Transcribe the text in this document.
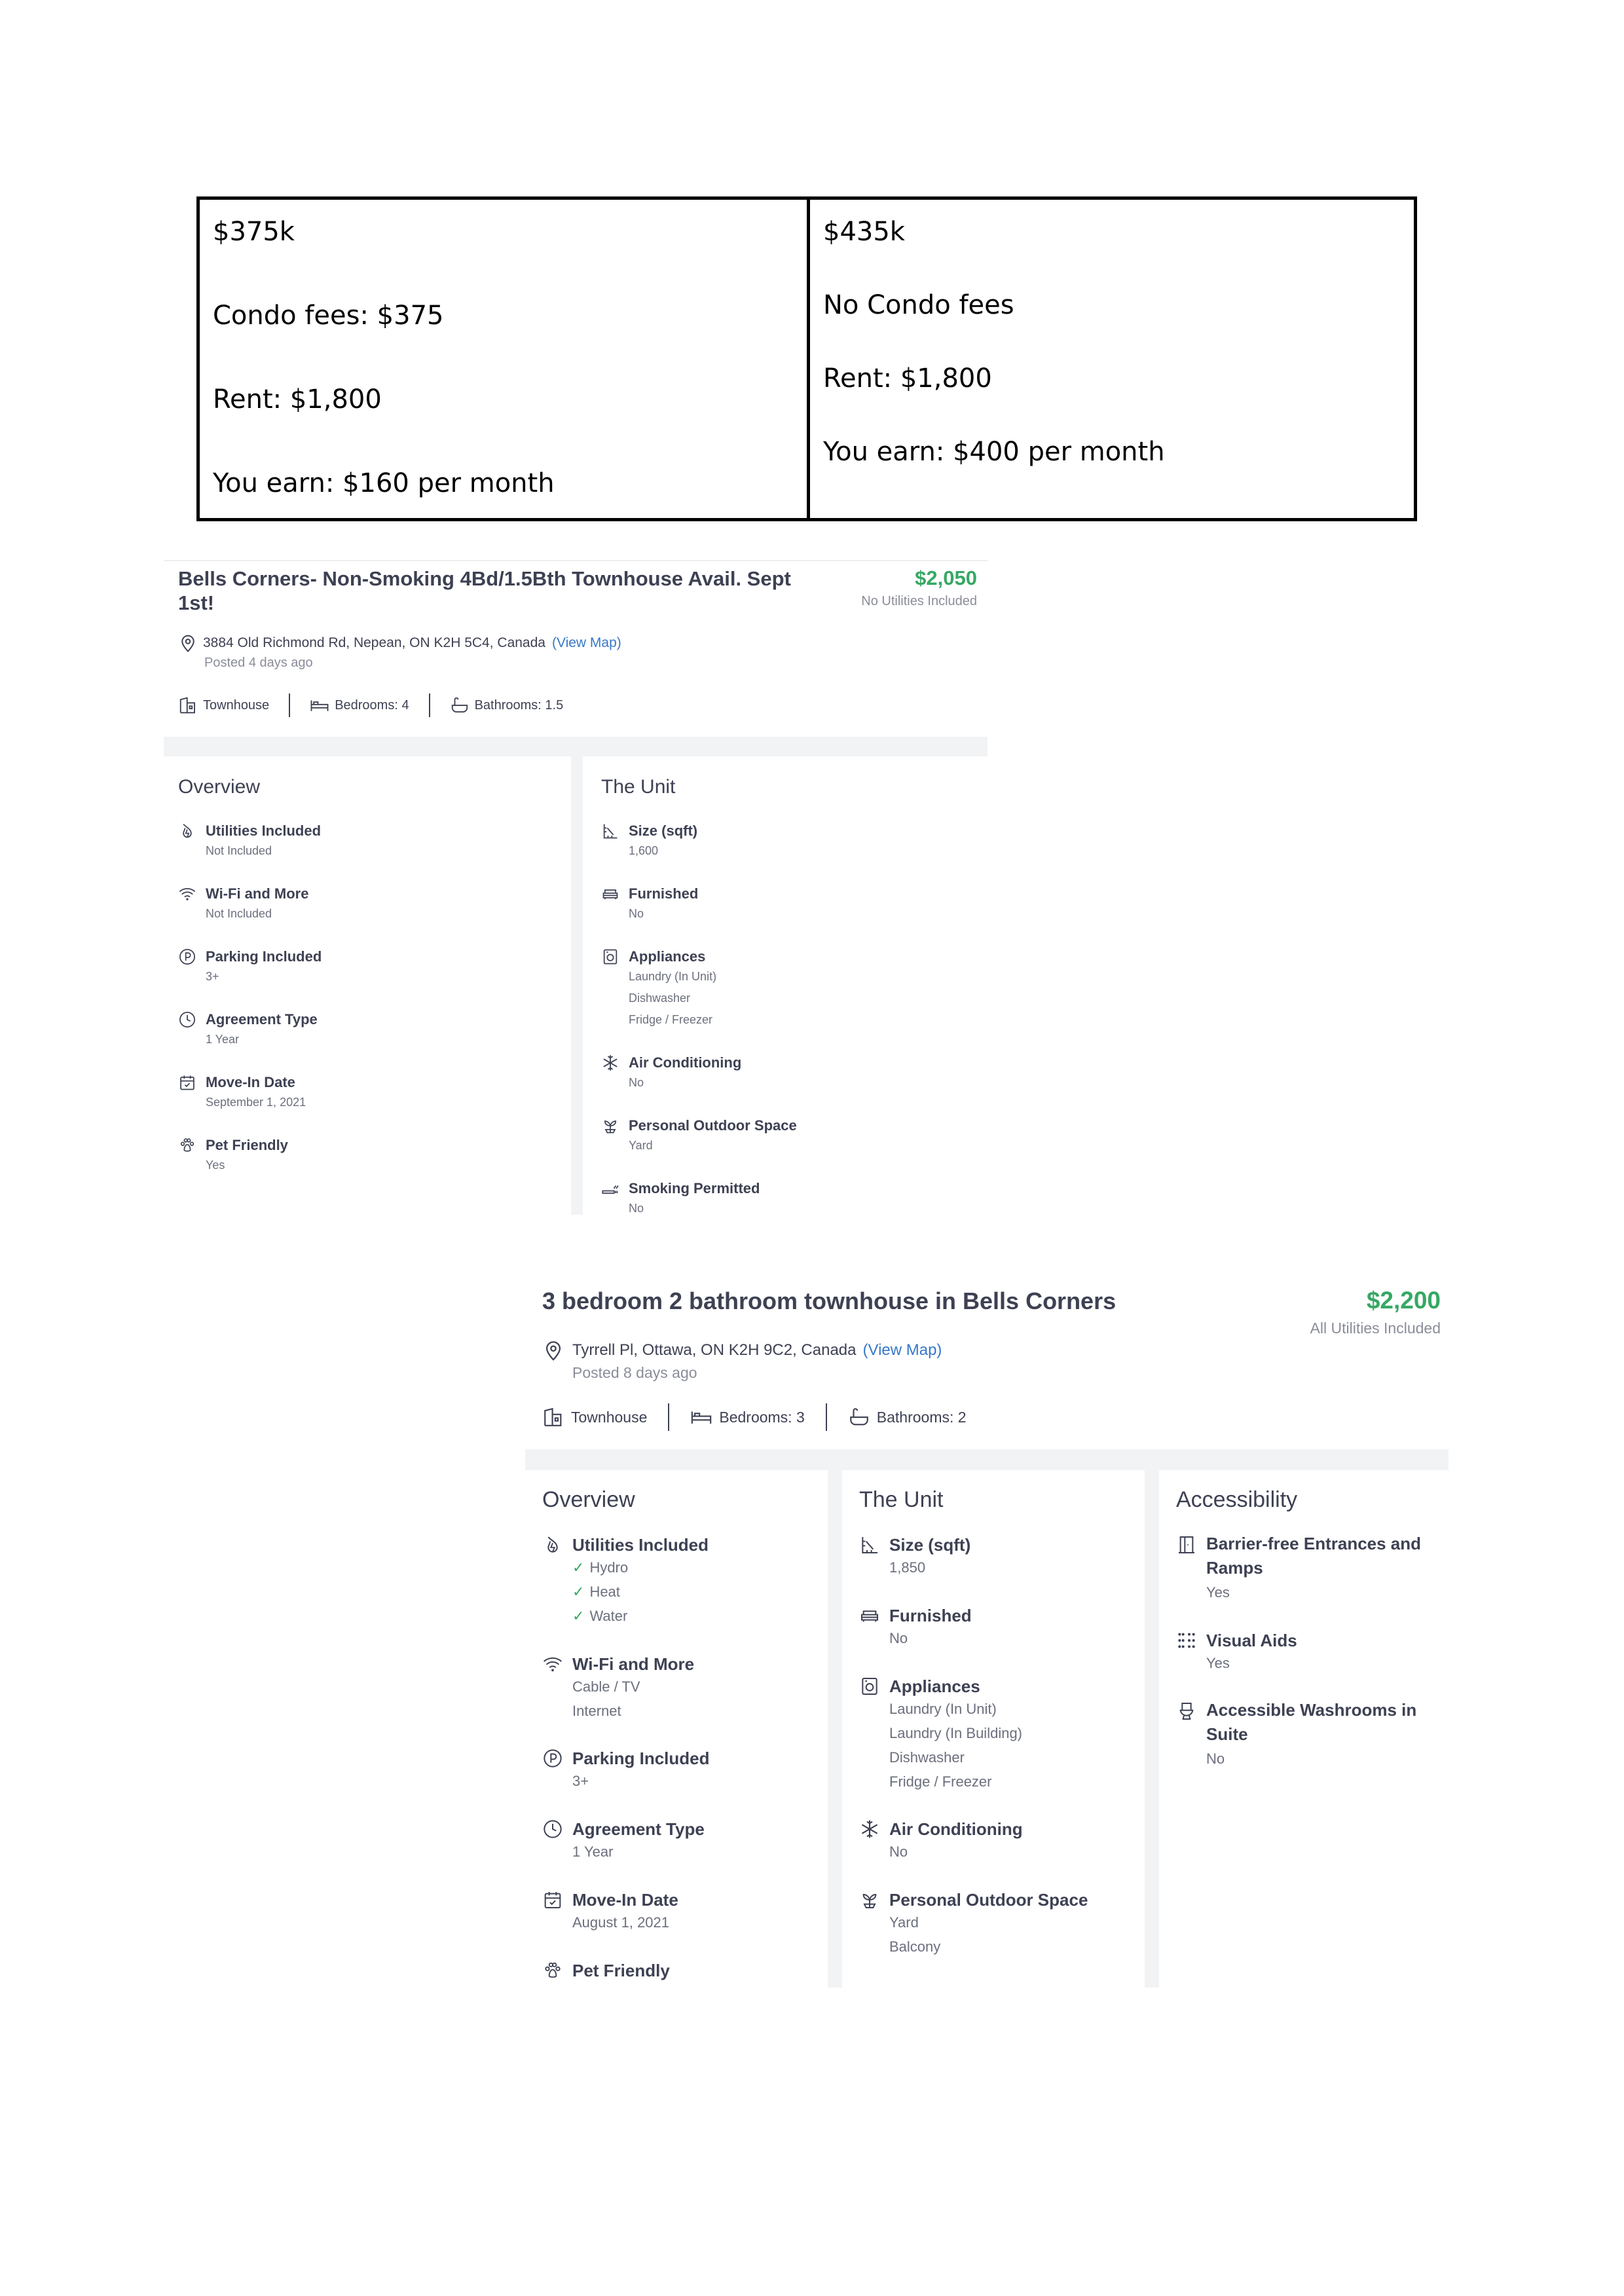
$375k
Condo fees: $375
Rent: $1,800
You earn: $160 per month
$435k
No Condo fees
Rent: $1,800
You earn: $400 per month
Bells Corners- Non-Smoking 4Bd/1.5Bth Townhouse Avail. Sept
1st!
$2,050
No Utilities Included
3884 Old Richmond Rd, Nepean, ON K2H 5C4, Canada (View Map)
Posted 4 days ago
Townhouse	Bedrooms: 4	Bathrooms: 1.5
Overview
Utilities Included
Not Included
Wi-Fi and More
Not Included
Parking Included
3+
Agreement Type
1 Year
Move-In Date
September 1, 2021
Pet Friendly
Yes
The Unit
Size (sqft)
1,600
Furnished
No
Appliances
Laundry (In Unit)
Dishwasher
Fridge / Freezer
Air Conditioning
No
Personal Outdoor Space
Yard
Smoking Permitted
No
3 bedroom 2 bathroom townhouse in Bells Corners	$2,200
All Utilities Included
Tyrrell Pl, Ottawa, ON K2H 9C2, Canada (View Map)
Posted 8 days ago
Townhouse	Bedrooms: 3	Bathrooms: 2
Overview
Utilities Included
✓ Hydro
✓ Heat
✓ Water
Wi-Fi and More
Cable / TV
Internet
Parking Included
3+
Agreement Type
1 Year
Move-In Date
August 1, 2021
Pet Friendly
The Unit
Size (sqft)
1,850
Furnished
No
Appliances
Laundry (In Unit)
Laundry (In Building)
Dishwasher
Fridge / Freezer
Air Conditioning
No
Personal Outdoor Space
Yard
Balcony
Accessibility
Barrier-free Entrances and
Ramps
Yes
Visual Aids
Yes
Accessible Washrooms in
Suite
No
